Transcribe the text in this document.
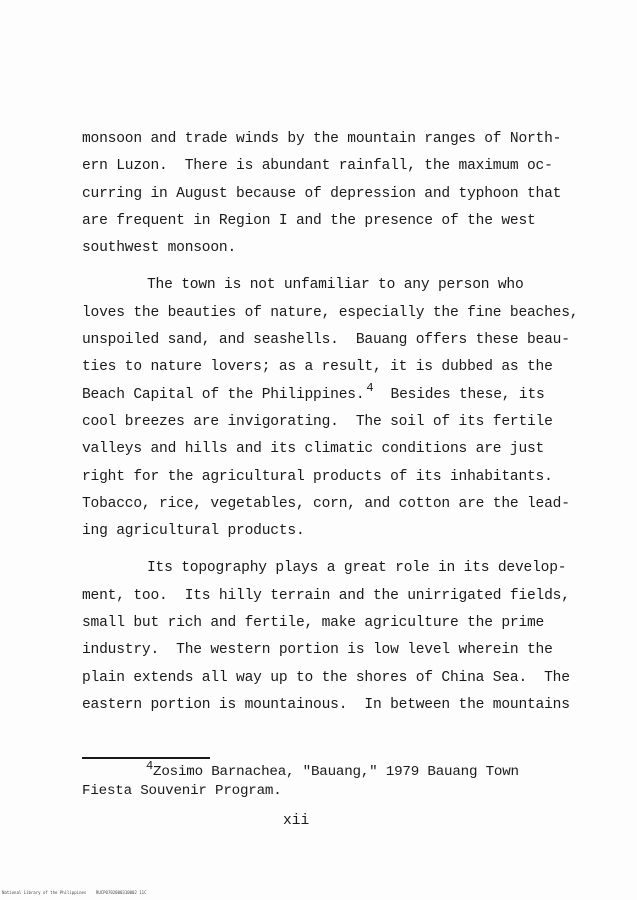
monsoon and trade winds by the mountain ranges of North-
ern Luzon.  There is abundant rainfall, the maximum oc-
curring in August because of depression and typhoon that
are frequent in Region I and the presence of the west
southwest monsoon.

The town is not unfamiliar to any person who
loves the beauties of nature, especially the fine beaches,
unspoiled sand, and seashells.  Bauang offers these beau-
ties to nature lovers; as a result, it is dubbed as the
Beach Capital of the Philippines. $^4$  Besides these, its
cool breezes are invigorating.  The soil of its fertile
valleys and hills and its climatic conditions are just
right for the agricultural products of its inhabitants.
Tobacco, rice, vegetables, corn, and cotton are the lead-
ing agricultural products.

Its topography plays a great role in its develop-
ment, too.  Its hilly terrain and the unirrigated fields,
small but rich and fertile, make agriculture the prime
industry.  The western portion is low level wherein the
plain extends all way up to the shores of China Sea.  The
eastern portion is mountainous.  In between the mountains

$^4$Zosimo Barnachea, "Bauang," 1979 Bauang Town
Fiesta Souvenir Program.
xii
National Library of the Philippines    RUCP0702000310002 11C
